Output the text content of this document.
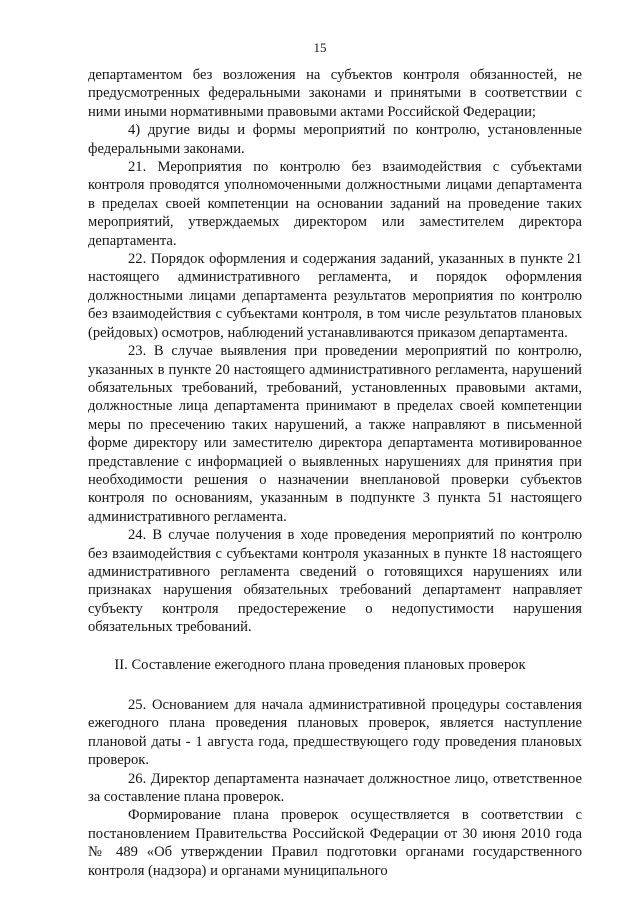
15

департаментом без возложения на субъектов контроля обязанностей, не предусмотренных федеральными законами и принятыми в соответствии с ними иными нормативными правовыми актами Российской Федерации;

4) другие виды и формы мероприятий по контролю, установленные федеральными законами.

21. Мероприятия по контролю без взаимодействия с субъектами контроля проводятся уполномоченными должностными лицами департамента в пределах своей компетенции на основании заданий на проведение таких мероприятий, утверждаемых директором или заместителем директора департамента.

22. Порядок оформления и содержания заданий, указанных в пункте 21 настоящего административного регламента, и порядок оформления должностными лицами департамента результатов мероприятия по контролю без взаимодействия с субъектами контроля, в том числе результатов плановых (рейдовых) осмотров, наблюдений устанавливаются приказом департамента.

23. В случае выявления при проведении мероприятий по контролю, указанных в пункте 20 настоящего административного регламента, нарушений обязательных требований, требований, установленных правовыми актами, должностные лица департамента принимают в пределах своей компетенции меры по пресечению таких нарушений, а также направляют в письменной форме директору или заместителю директора департамента мотивированное представление с информацией о выявленных нарушениях для принятия при необходимости решения о назначении внеплановой проверки субъектов контроля по основаниям, указанным в подпункте 3 пункта 51 настоящего административного регламента.

24. В случае получения в ходе проведения мероприятий по контролю без взаимодействия с субъектами контроля указанных в пункте 18 настоящего административного регламента сведений о готовящихся нарушениях или признаках нарушения обязательных требований департамент направляет субъекту контроля предостережение о недопустимости нарушения обязательных требований.

II. Составление ежегодного плана проведения плановых проверок

25. Основанием для начала административной процедуры составления ежегодного плана проведения плановых проверок, является наступление плановой даты - 1 августа года, предшествующего году проведения плановых проверок.

26. Директор департамента назначает должностное лицо, ответственное за составление плана проверок.

Формирование плана проверок осуществляется в соответствии с постановлением Правительства Российской Федерации от 30 июня 2010 года № 489 «Об утверждении Правил подготовки органами государственного контроля (надзора) и органами муниципального
